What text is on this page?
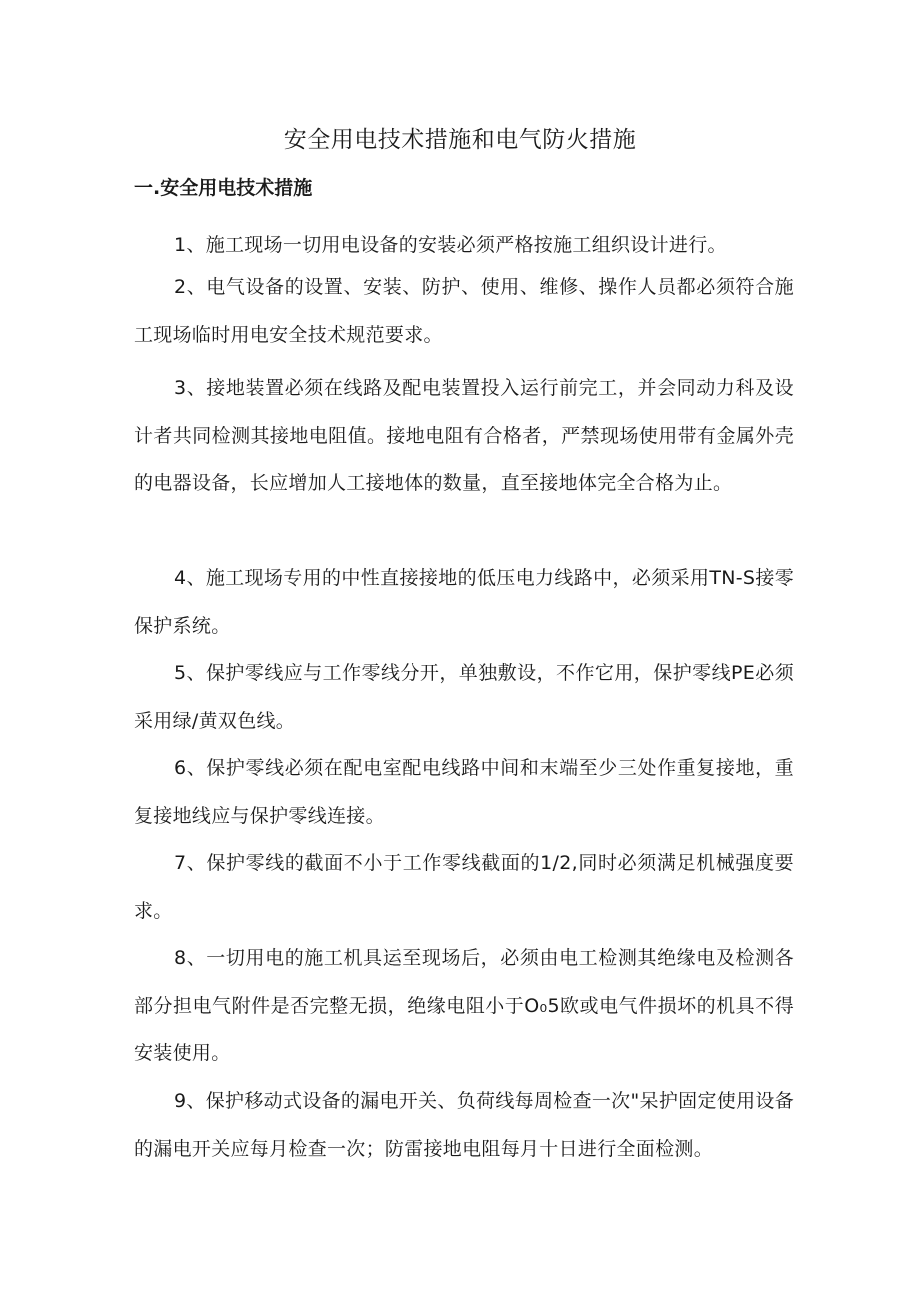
安全用电技术措施和电气防火措施
一.安全用电技术措施

1、施工现场一切用电设备的安装必须严格按施工组织设计进行。

2、电气设备的设置、安装、防护、使用、维修、操作人员都必须符合施工现场临时用电安全技术规范要求。

3、接地装置必须在线路及配电装置投入运行前完工，并会同动力科及设计者共同检测其接地电阻值。接地电阻有合格者，严禁现场使用带有金属外壳的电器设备，长应增加人工接地体的数量，直至接地体完全合格为止。

4、施工现场专用的中性直接接地的低压电力线路中，必须采用TN-S接零保护系统。

5、保护零线应与工作零线分开，单独敷设，不作它用，保护零线PE必须采用绿/黄双色线。

6、保护零线必须在配电室配电线路中间和末端至少三处作重复接地，重复接地线应与保护零线连接。

7、保护零线的截面不小于工作零线截面的1/2,同时必须满足机械强度要求。

8、一切用电的施工机具运至现场后，必须由电工检测其绝缘电及检测各部分担电气附件是否完整无损，绝缘电阻小于O₀5欧或电气件损坏的机具不得安装使用。

9、保护移动式设备的漏电开关、负荷线每周检查一次"呆护固定使用设备的漏电开关应每月检查一次；防雷接地电阻每月十日进行全面检测。
